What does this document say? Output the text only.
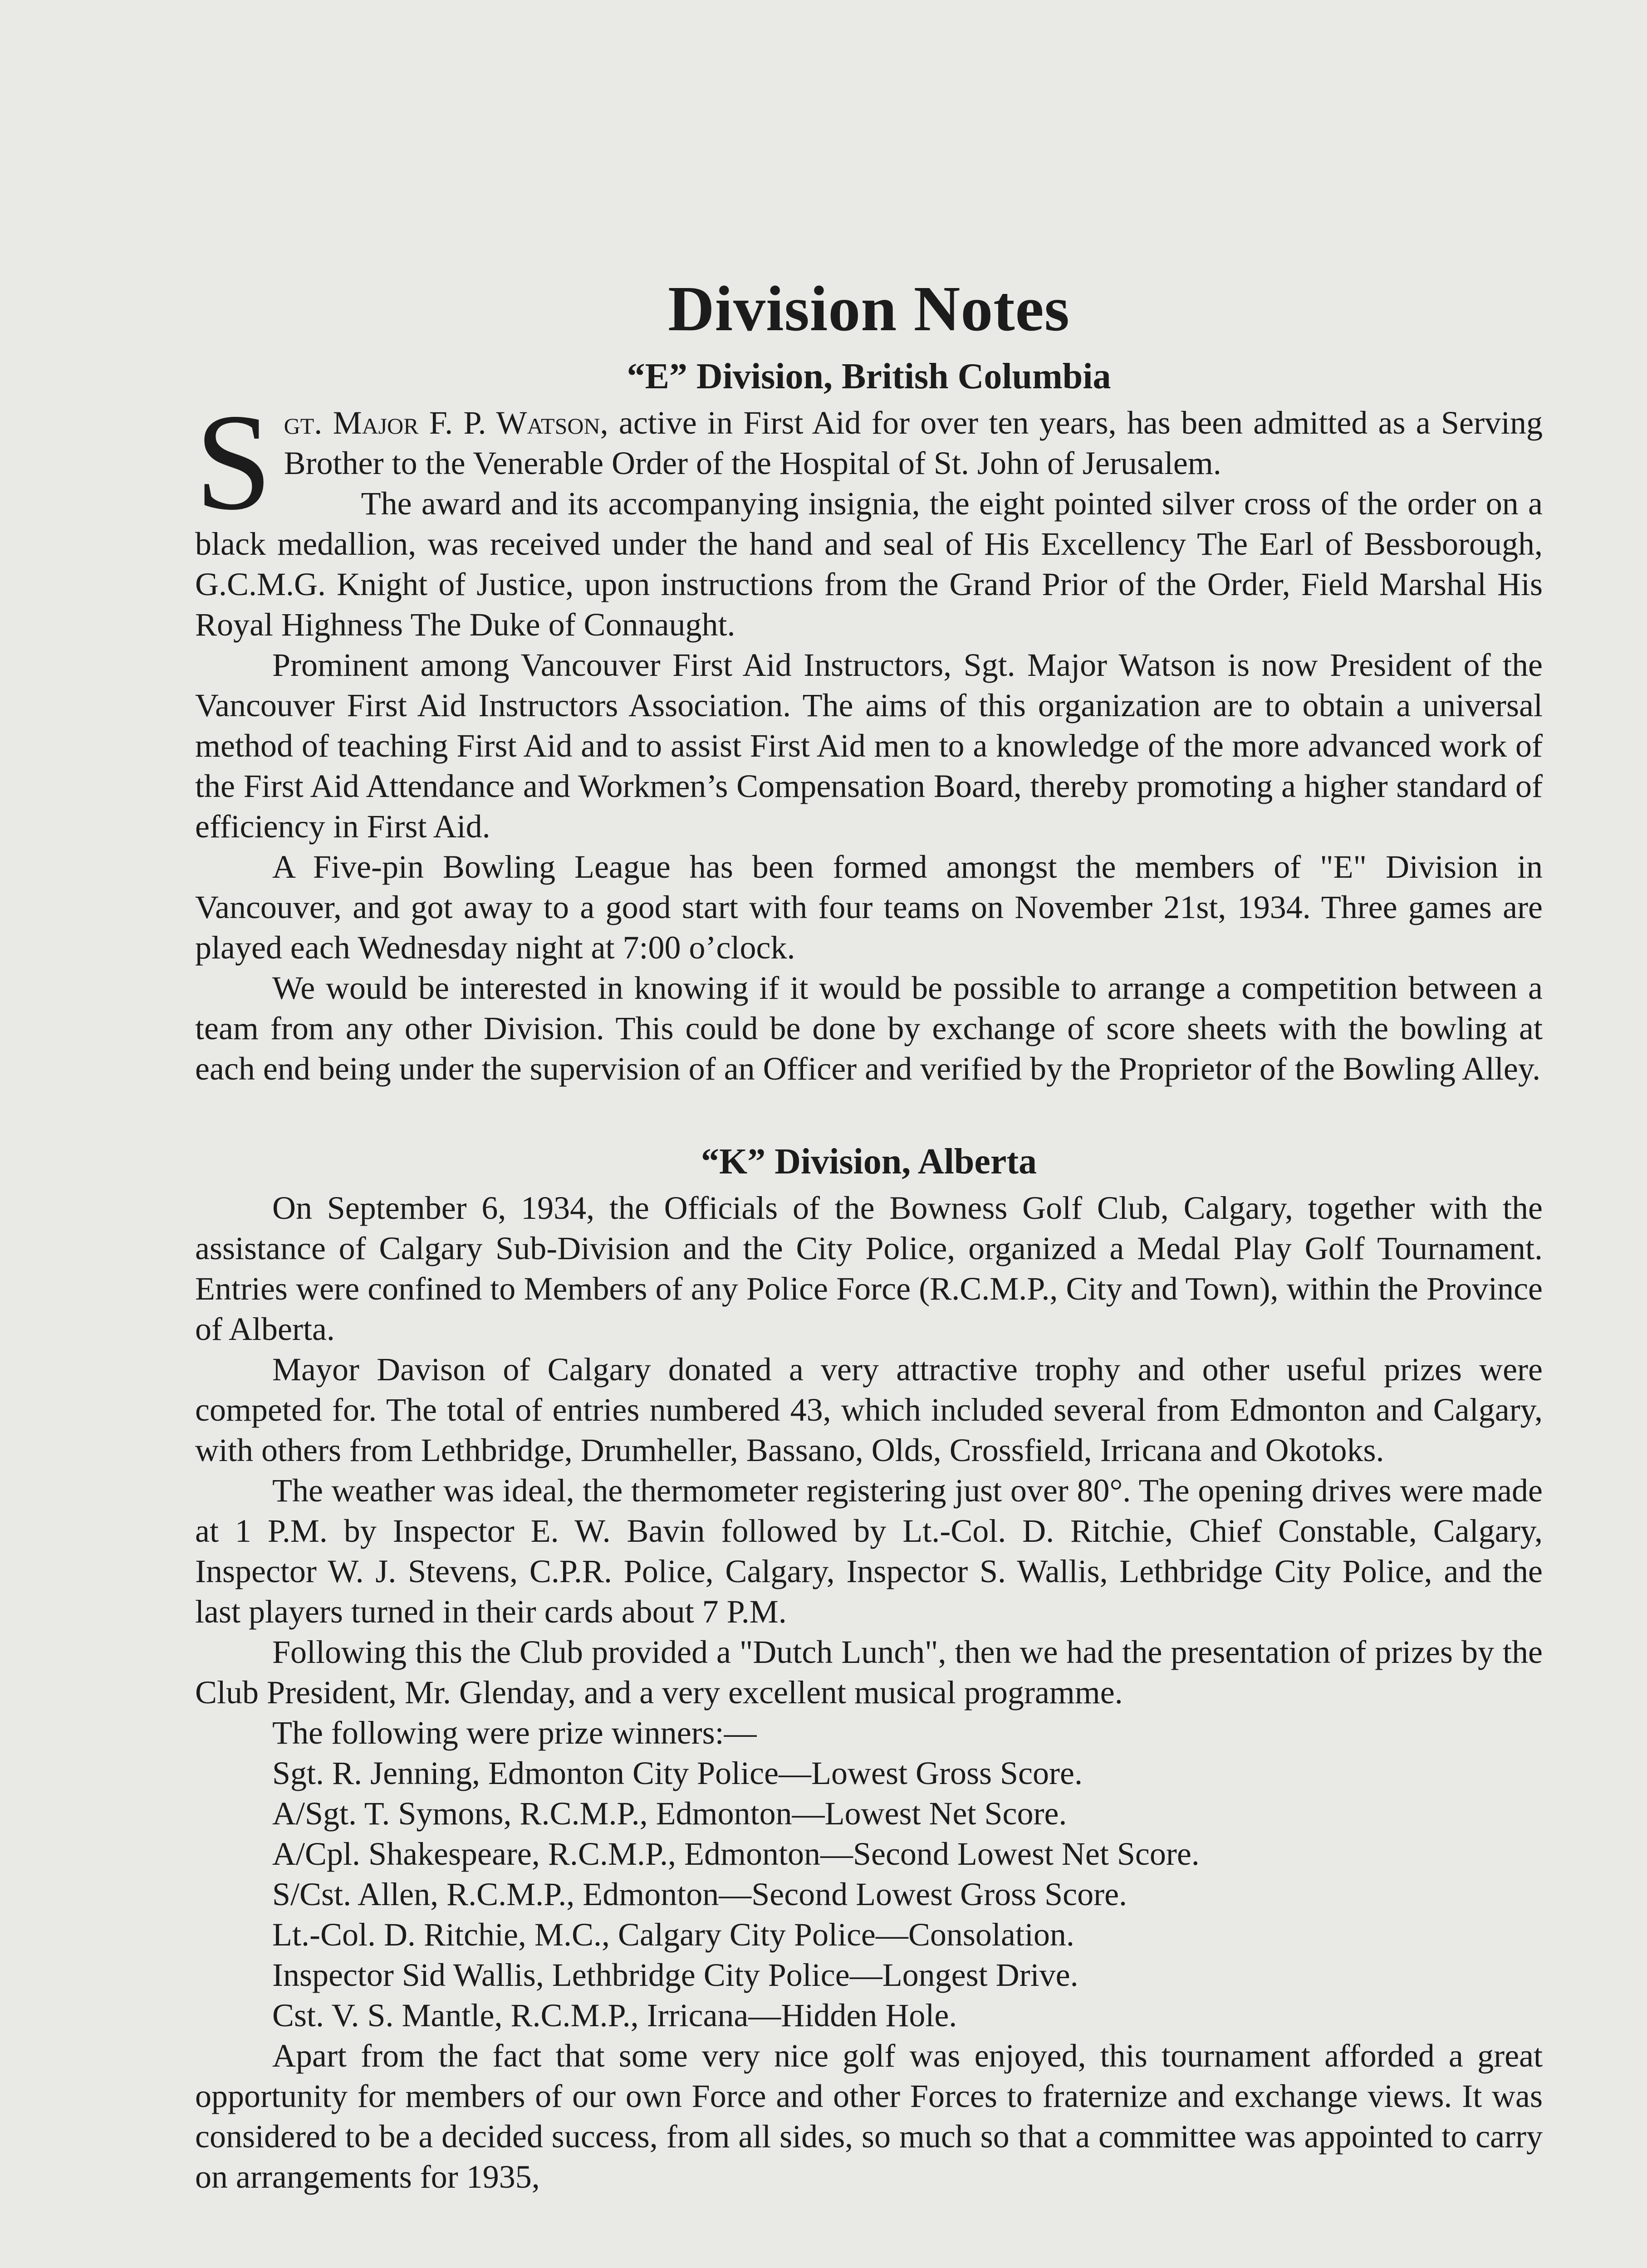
Division Notes
“E” Division, British Columbia

Sgt. Major F. P. Watson, active in First Aid for over ten years, has been admitted as a Serving Brother to the Venerable Order of the Hospital of St. John of Jerusalem.

The award and its accompanying insignia, the eight pointed silver cross of the order on a black medallion, was received under the hand and seal of His Excellency The Earl of Bessborough, G.C.M.G. Knight of Justice, upon instructions from the Grand Prior of the Order, Field Marshal His Royal Highness The Duke of Connaught.

Prominent among Vancouver First Aid Instructors, Sgt. Major Watson is now President of the Vancouver First Aid Instructors Association. The aims of this organization are to obtain a universal method of teaching First Aid and to assist First Aid men to a knowledge of the more advanced work of the First Aid Attendance and Workmen’s Compensation Board, thereby promoting a higher standard of efficiency in First Aid.

A Five-pin Bowling League has been formed amongst the members of "E" Division in Vancouver, and got away to a good start with four teams on November 21st, 1934. Three games are played each Wednesday night at 7:00 o’clock.

We would be interested in knowing if it would be possible to arrange a competition between a team from any other Division. This could be done by exchange of score sheets with the bowling at each end being under the supervision of an Officer and verified by the Proprietor of the Bowling Alley.

“K” Division, Alberta

On September 6, 1934, the Officials of the Bowness Golf Club, Calgary, together with the assistance of Calgary Sub-Division and the City Police, organized a Medal Play Golf Tournament. Entries were confined to Members of any Police Force (R.C.M.P., City and Town), within the Province of Alberta.

Mayor Davison of Calgary donated a very attractive trophy and other useful prizes were competed for. The total of entries numbered 43, which included several from Edmonton and Calgary, with others from Lethbridge, Drumheller, Bassano, Olds, Crossfield, Irricana and Okotoks.

The weather was ideal, the thermometer registering just over 80°. The opening drives were made at 1 P.M. by Inspector E. W. Bavin followed by Lt.-Col. D. Ritchie, Chief Constable, Calgary, Inspector W. J. Stevens, C.P.R. Police, Calgary, Inspector S. Wallis, Lethbridge City Police, and the last players turned in their cards about 7 P.M.

Following this the Club provided a "Dutch Lunch", then we had the presentation of prizes by the Club President, Mr. Glenday, and a very excellent musical programme.

The following were prize winners:—

Sgt. R. Jenning, Edmonton City Police—Lowest Gross Score.
A/Sgt. T. Symons, R.C.M.P., Edmonton—Lowest Net Score.
A/Cpl. Shakespeare, R.C.M.P., Edmonton—Second Lowest Net Score.
S/Cst. Allen, R.C.M.P., Edmonton—Second Lowest Gross Score.
Lt.-Col. D. Ritchie, M.C., Calgary City Police—Consolation.
Inspector Sid Wallis, Lethbridge City Police—Longest Drive.
Cst. V. S. Mantle, R.C.M.P., Irricana—Hidden Hole.

Apart from the fact that some very nice golf was enjoyed, this tournament afforded a great opportunity for members of our own Force and other Forces to fraternize and exchange views. It was considered to be a decided success, from all sides, so much so that a committee was appointed to carry on arrangements for 1935,
